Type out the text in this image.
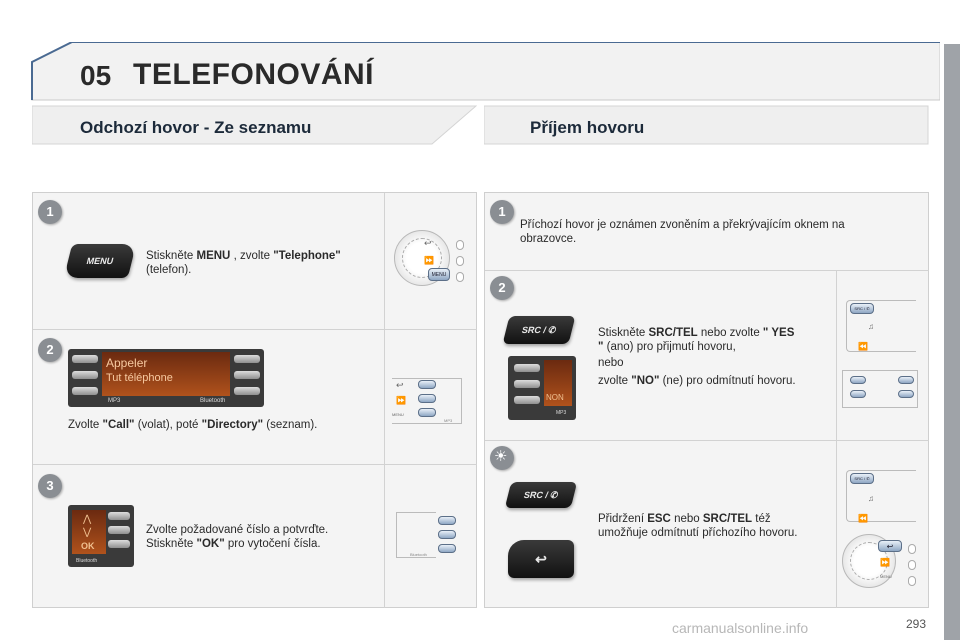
05 TELEFONOVÁNÍ
Odchozí hovor - Ze seznamu	Příjem hovoru
1
MENU	Stiskněte MENU , zvolte "Telephone"
(telefon).
↩
⏩
MENU
2
Appeler
Tut téléphone
MP3	Bluetooth
Zvolte "Call" (volat), poté "Directory" (seznam).
↩
⏩
MENU
MP3
3
⋀
⋁
OK
Bluetooth
Zvolte požadované číslo a potvrďte.
Stiskněte "OK" pro vytočení čísla.
Bluetooth
1
Příchozí hovor je oznámen zvoněním a překrývajícím oknem na
obrazovce.
2
SRC / ✆
NON
MP3
Stiskněte SRC/TEL nebo zvolte " YES
" (ano) pro přijmutí hovoru,
nebo
zvolte "NO" (ne) pro odmítnutí hovoru.
SRC / ✆
♫
⏪
☀
SRC / ✆
↩
Přidržení ESC nebo SRC/TEL též
umožňuje odmítnutí příchozího hovoru.
SRC / ✆
♫
⏪
↩
⏩
MENU
293
carmanualsonline.info
